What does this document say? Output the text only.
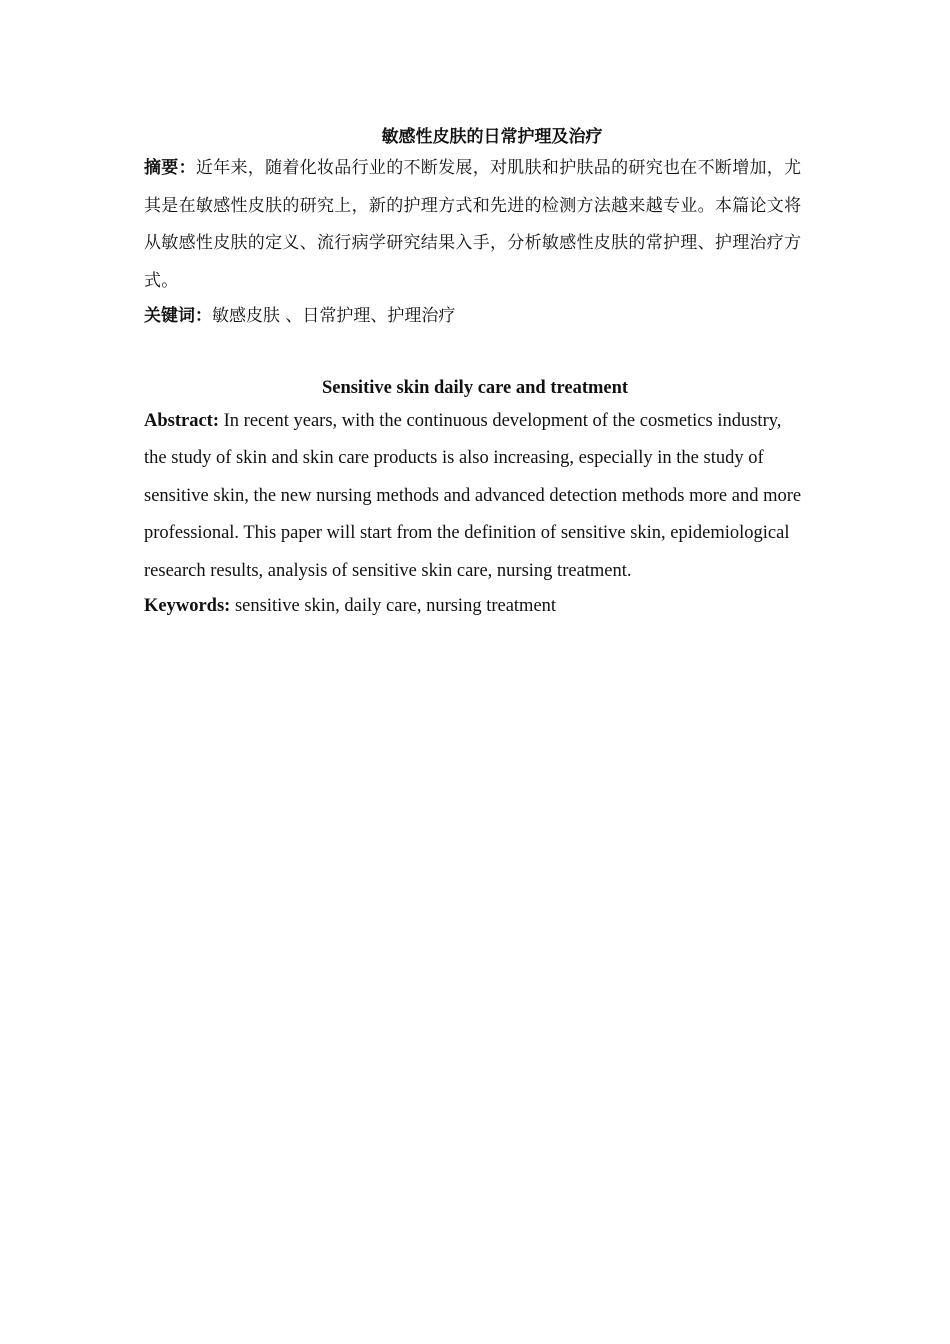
敏感性皮肤的日常护理及治疗

摘要：近年来，随着化妆品行业的不断发展，对肌肤和护肤品的研究也在不断增加，尤其是在敏感性皮肤的研究上，新的护理方式和先进的检测方法越来越专业。本篇论文将从敏感性皮肤的定义、流行病学研究结果入手，分析敏感性皮肤的常护理、护理治疗方式。

关键词：敏感皮肤 、日常护理、护理治疗

Sensitive skin daily care and treatment

Abstract: In recent years, with the continuous development of the cosmetics industry, the study of skin and skin care products is also increasing, especially in the study of sensitive skin, the new nursing methods and advanced detection methods more and more professional. This paper will start from the definition of sensitive skin, epidemiological research results, analysis of sensitive skin care, nursing treatment.

Keywords: sensitive skin, daily care, nursing treatment
